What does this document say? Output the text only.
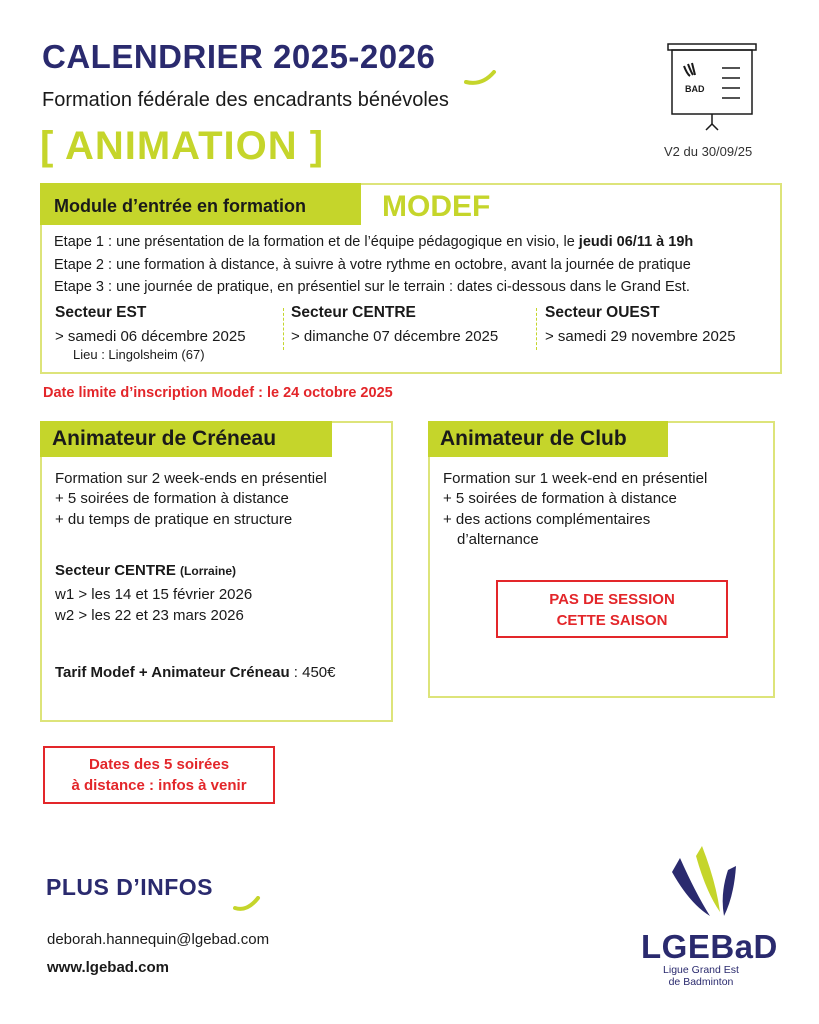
CALENDRIER 2025-2026
Formation fédérale des encadrants bénévoles
[ ANIMATION ]	V2 du 30/09/25
BAD
Module d’entrée en formation	MODEF
Etape 1 : une présentation de la formation et de l’équipe pédagogique en visio, le jeudi 06/11 à 19h
Etape 2 : une formation à distance, à suivre à votre rythme en octobre, avant la journée de pratique
Etape 3 : une journée de pratique, en présentiel sur le terrain : dates ci-dessous dans le Grand Est.
Secteur EST
> samedi 06 décembre 2025
Lieu : Lingolsheim (67)
Secteur CENTRE
> dimanche 07 décembre 2025
Secteur OUEST
> samedi 29 novembre 2025
Date limite d’inscription Modef : le 24 octobre 2025
Animateur de Créneau
Formation sur 2 week-ends en présentiel
+ 5 soirées de formation à distance
+ du temps de pratique en structure
Secteur CENTRE (Lorraine)
w1 > les 14 et 15 février 2026
w2 > les 22 et 23 mars 2026
Tarif Modef + Animateur Créneau : 450€
Animateur de Club
Formation sur 1 week-end en présentiel
+ 5 soirées de formation à distance
+ des actions complémentaires
d’alternance
PAS DE SESSION
CETTE SAISON
Dates des 5 soirées
à distance : infos à venir
PLUS D’INFOS
deborah.hannequin@lgebad.com
www.lgebad.com
LGEBaD
Ligue Grand Est
de Badminton
